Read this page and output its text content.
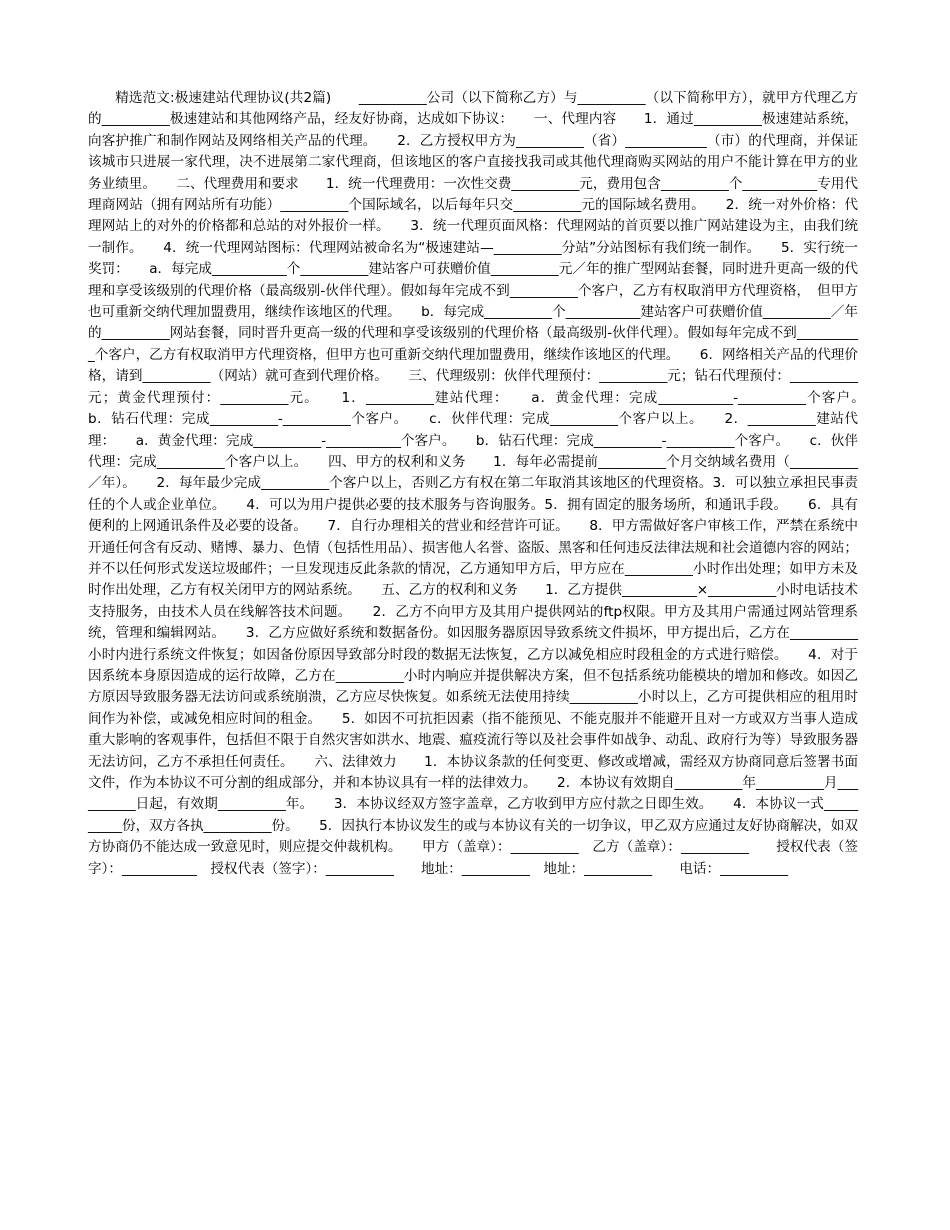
精选范文:极速建站代理协议(共2篇)　　__________公司（以下简称乙方）与__________（以下简称甲方），就甲方代理乙方的__________极速建站和其他网络产品，经友好协商，达成如下协议：　　一、代理内容　　1．通过__________极速建站系统，向客护推广和制作网站及网络相关产品的代理。　　2．乙方授权甲方为__________（省）____________（市）的代理商，并保证该城市只进展一家代理，决不进展第二家代理商，但该地区的客户直接找我司或其他代理商购买网站的用户不能计算在甲方的业务业绩里。　　二、代理费用和要求　　1．统一代理费用：一次性交费__________元，费用包含__________个___________专用代理商网站（拥有网站所有功能）__________个国际域名，以后每年只交__________元的国际域名费用。　　2．统一对外价格：代理网站上的对外的价格都和总站的对外报价一样。　　3．统一代理页面风格：代理网站的首页要以推广网站建设为主，由我们统一制作。　　4．统一代理网站图标：代理网站被命名为“极速建站—__________分站”分站图标有我们统一制作。　　5．实行统一奖罚：　　a．每完成___________个__________建站客户可获赠价值__________元／年的推广型网站套餐，同时进升更高一级的代理和享受该级别的代理价格（最高级别-伙伴代理）。假如每年完成不到__________个客户，乙方有权取消甲方代理资格，　但甲方也可重新交纳代理加盟费用，继续作该地区的代理。　　b．每完成__________个___________建站客户可获赠价值__________／年的__________网站套餐，同时晋升更高一级的代理和享受该级别的代理价格（最高级别-伙伴代理）。假如每年完成不到__________个客户，乙方有权取消甲方代理资格，但甲方也可重新交纳代理加盟费用，继续作该地区的代理。　　6．网络相关产品的代理价格，请到__________（网站）就可查到代理价格。　　三、代理级别：伙伴代理预付：__________元；钻石代理预付：__________元；黄金代理预付：__________元。　　1．__________建站代理：　　a．黄金代理：完成___________-__________个客户。　　b．钻石代理：完成__________-__________个客户。　　c．伙伴代理：完成__________个客户以上。　　2．__________建站代理：　　a．黄金代理：完成__________-___________个客户。　　b．钻石代理：完成__________-__________个客户。　　c．伙伴代理：完成__________个客户以上。　　四、甲方的权利和义务　　1．每年必需提前__________个月交纳域名费用（__________／年）。　　2．每年最少完成__________个客户以上，否则乙方有权在第二年取消其该地区的代理资格。3．可以独立承担民事责任的个人或企业单位。　　4．可以为用户提供必要的技术服务与咨询服务。5．拥有固定的服务场所，和通讯手段。　　6．具有便利的上网通讯条件及必要的设备。　　7．自行办理相关的营业和经营许可证。　　8．甲方需做好客户审核工作，严禁在系统中开通任何含有反动、赌博、暴力、色情（包括性用品）、损害他人名誉、盗版、黑客和任何违反法律法规和社会道德内容的网站；并不以任何形式发送垃圾邮件；一旦发现违反此条款的情况，乙方通知甲方后，甲方应在__________小时作出处理；如甲方未及时作出处理，乙方有权关闭甲方的网站系统。　　五、乙方的权利和义务　　1．乙方提供___________×__________小时电话技术支持服务，由技术人员在线解答技术问题。　　2．乙方不向甲方及其用户提供网站的ftp权限。甲方及其用户需通过网站管理系统，管理和编辑网站。　　3．乙方应做好系统和数据备份。如因服务器原因导致系统文件损坏，甲方提出后，乙方在__________小时内进行系统文件恢复；如因备份原因导致部分时段的数据无法恢复，乙方以减免相应时段租金的方式进行赔偿。　　4．对于因系统本身原因造成的运行故障，乙方在__________小时内响应并提供解决方案，但不包括系统功能模块的增加和修改。如因乙方原因导致服务器无法访问或系统崩溃，乙方应尽快恢复。如系统无法使用持续__________小时以上，乙方可提供相应的租用时间作为补偿，或减免相应时间的租金。　　5．如因不可抗拒因素（指不能预见、不能克服并不能避开且对一方或双方当事人造成重大影响的客观事件，包括但不限于自然灾害如洪水、地震、瘟疫流行等以及社会事件如战争、动乱、政府行为等）导致服务器无法访问，乙方不承担任何责任。　　六、法律效力　　1．本协议条款的任何变更、修改或增减，需经双方协商同意后签署书面文件，作为本协议不可分割的组成部分，并和本协议具有一样的法律效力。　　2．本协议有效期自__________年__________月__________日起，有效期__________年。　　3．本协议经双方签字盖章，乙方收到甲方应付款之日即生效。　　4．本协议一式__________份，双方各执__________份。　　5．因执行本协议发生的或与本协议有关的一切争议，甲乙双方应通过友好协商解决，如双方协商仍不能达成一致意见时，则应提交仲裁机构。　　甲方（盖章）：__________　乙方（盖章）：__________　　授权代表（签字）：___________　授权代表（签字）：__________　　地址：__________　地址：__________　　电话：__________
